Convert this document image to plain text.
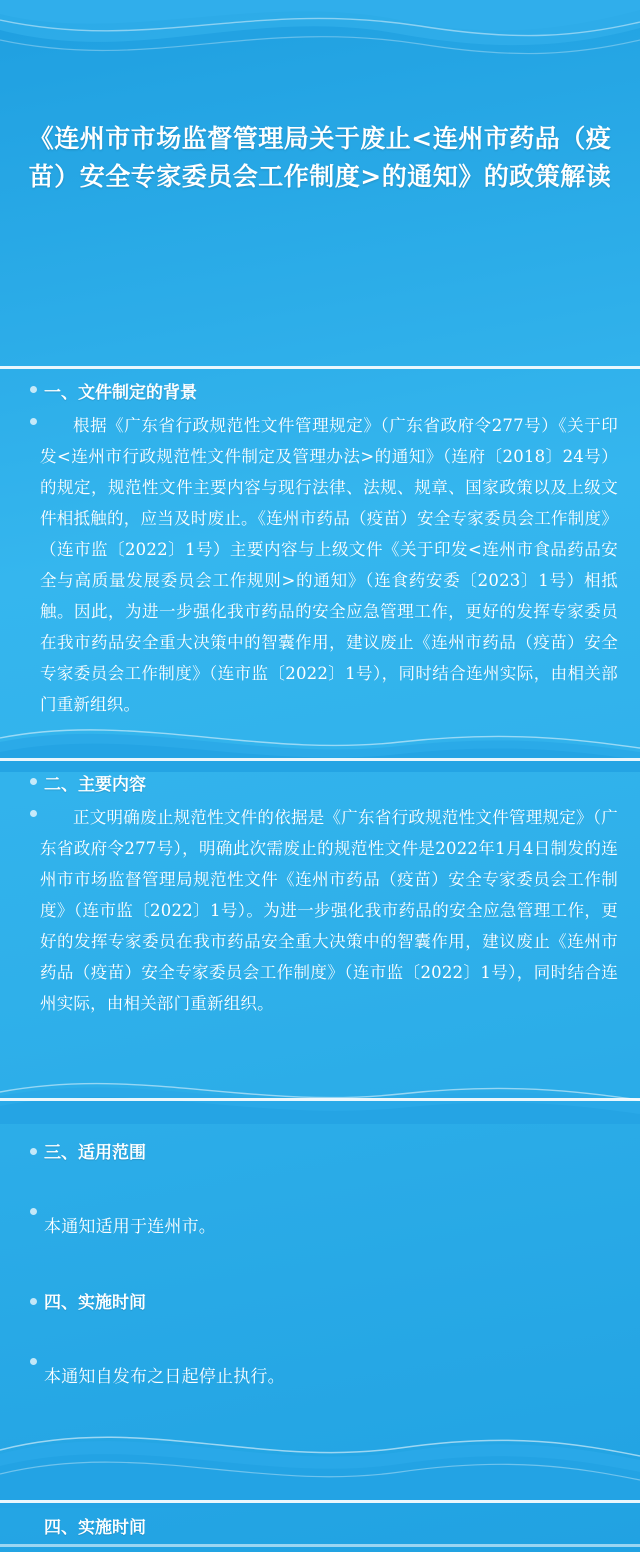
《连州市市场监督管理局关于废止<连州市药品（疫苗）安全专家委员会工作制度>的通知》的政策解读
一、文件制定的背景

根据《广东省行政规范性文件管理规定》（广东省政府令277号）《关于印发<连州市行政规范性文件制定及管理办法>的通知》（连府〔2018〕24号）的规定，规范性文件主要内容与现行法律、法规、规章、国家政策以及上级文件相抵触的，应当及时废止。《连州市药品（疫苗）安全专家委员会工作制度》（连市监〔2022〕1号）主要内容与上级文件《关于印发<连州市食品药品安全与高质量发展委员会工作规则>的通知》（连食药安委〔2023〕1号）相抵触。因此，为进一步强化我市药品的安全应急管理工作，更好的发挥专家委员在我市药品安全重大决策中的智囊作用，建议废止《连州市药品（疫苗）安全专家委员会工作制度》（连市监〔2022〕1号），同时结合连州实际，由相关部门重新组织。

二、主要内容

正文明确废止规范性文件的依据是《广东省行政规范性文件管理规定》（广东省政府令277号），明确此次需废止的规范性文件是2022年1月4日制发的连州市市场监督管理局规范性文件《连州市药品（疫苗）安全专家委员会工作制度》（连市监〔2022〕1号）。为进一步强化我市药品的安全应急管理工作，更好的发挥专家委员在我市药品安全重大决策中的智囊作用，建议废止《连州市药品（疫苗）安全专家委员会工作制度》（连市监〔2022〕1号），同时结合连州实际，由相关部门重新组织。

三、适用范围

本通知适用于连州市。

四、实施时间

本通知自发布之日起停止执行。

四、实施时间
